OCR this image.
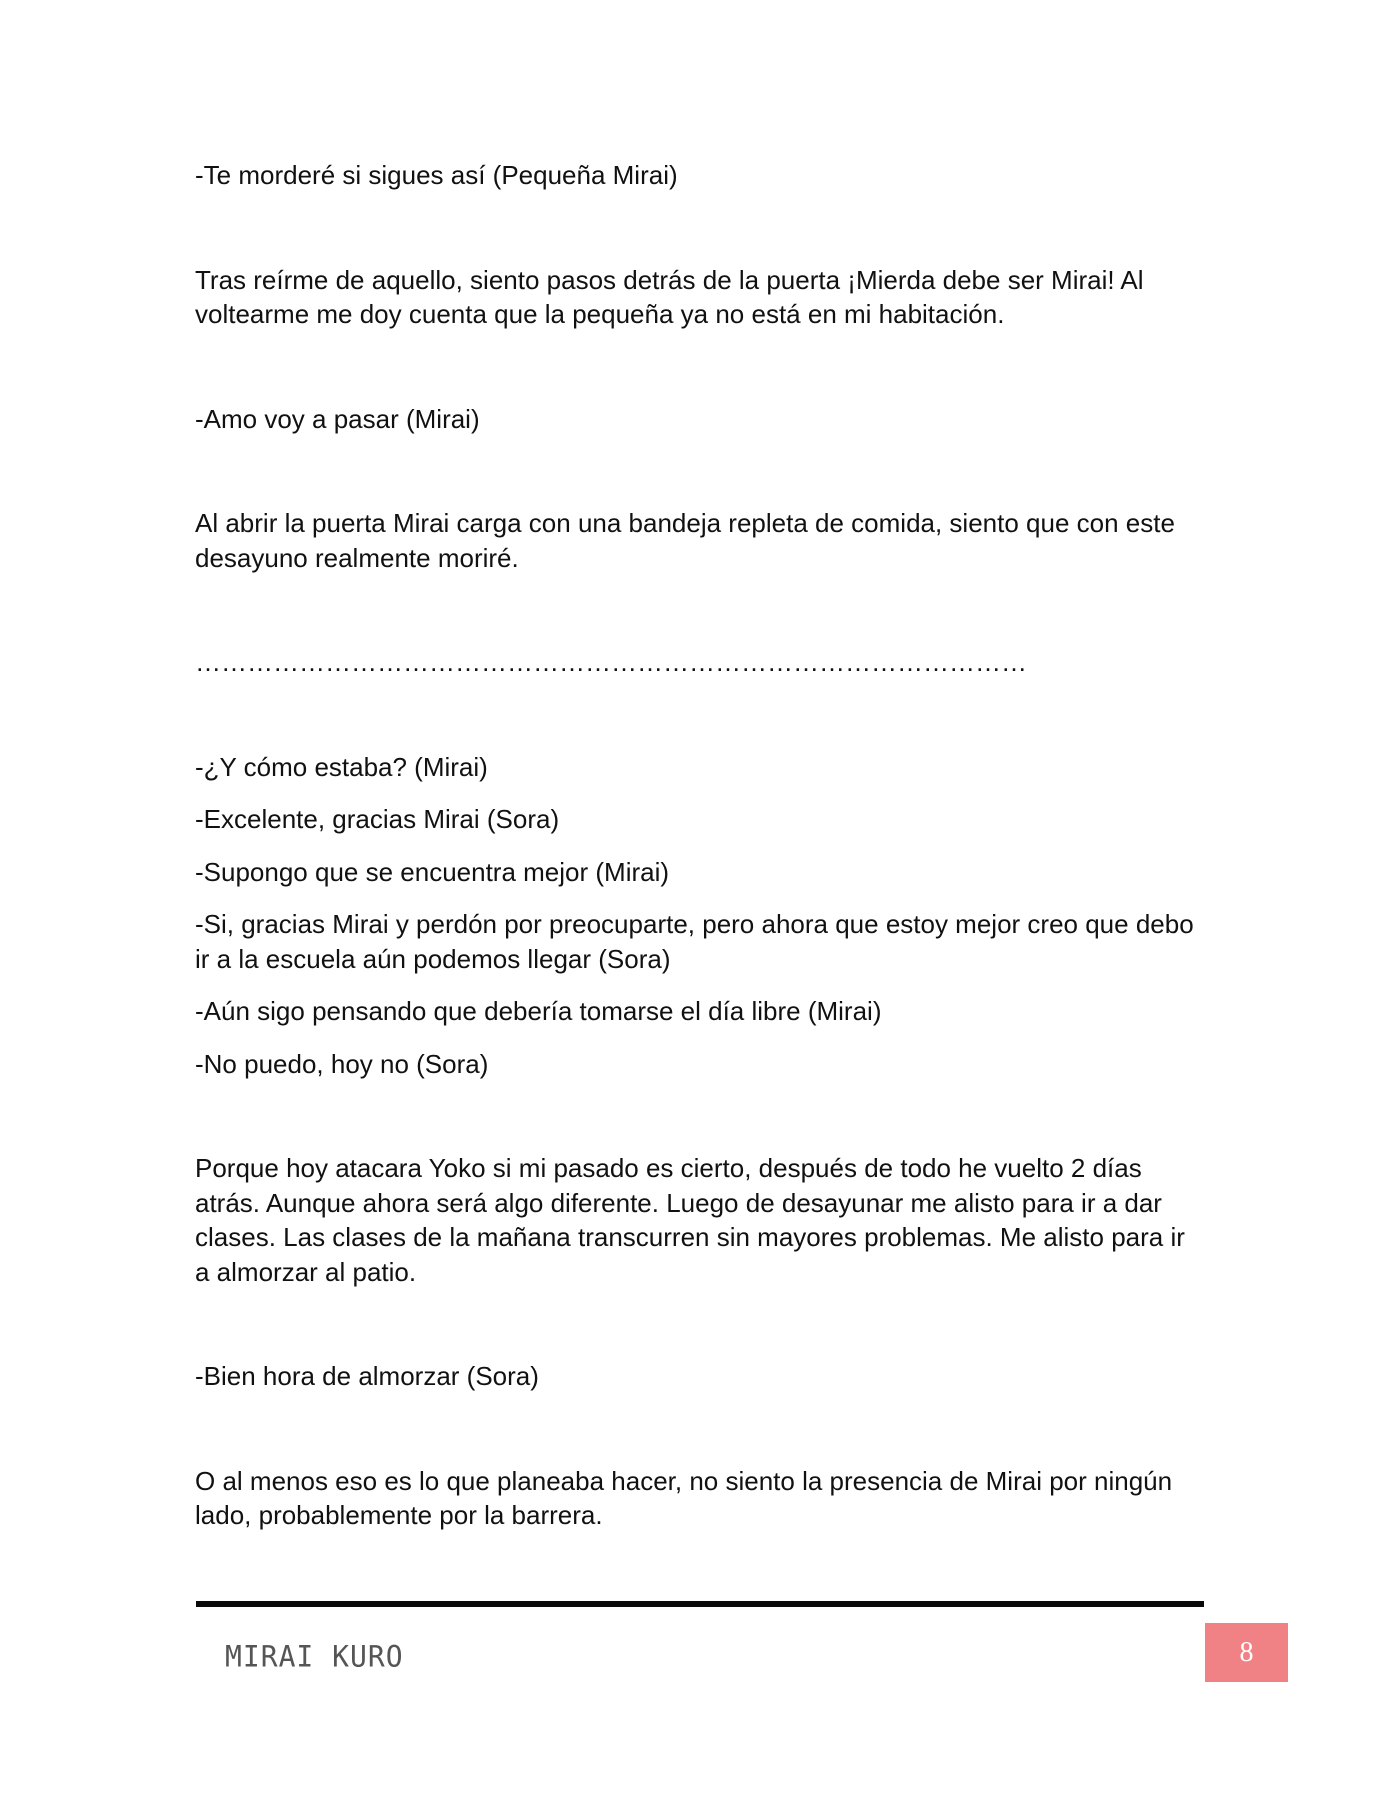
-Te morderé si sigues así (Pequeña Mirai)

Tras reírme de aquello, siento pasos detrás de la puerta ¡Mierda debe ser Mirai! Al voltearme me doy cuenta que la pequeña ya no está en mi habitación.

-Amo voy a pasar (Mirai)

Al abrir la puerta Mirai carga con una bandeja repleta de comida, siento que con este desayuno realmente moriré.

……………………………………………………………………………………

-¿Y cómo estaba? (Mirai)

-Excelente, gracias Mirai (Sora)

-Supongo que se encuentra mejor (Mirai)

-Si, gracias Mirai y perdón por preocuparte, pero ahora que estoy mejor creo que debo ir a la escuela aún podemos llegar (Sora)

-Aún sigo pensando que debería tomarse el día libre (Mirai)

-No puedo, hoy no (Sora)

Porque hoy atacara Yoko si mi pasado es cierto, después de todo he vuelto 2 días atrás. Aunque ahora será algo diferente. Luego de desayunar me alisto para ir a dar clases. Las clases de la mañana transcurren sin mayores problemas. Me alisto para ir a almorzar al patio.

-Bien hora de almorzar (Sora)

O al menos eso es lo que planeaba hacer, no siento la presencia de Mirai por ningún lado, probablemente por la barrera.

MIRAI KURO	8
